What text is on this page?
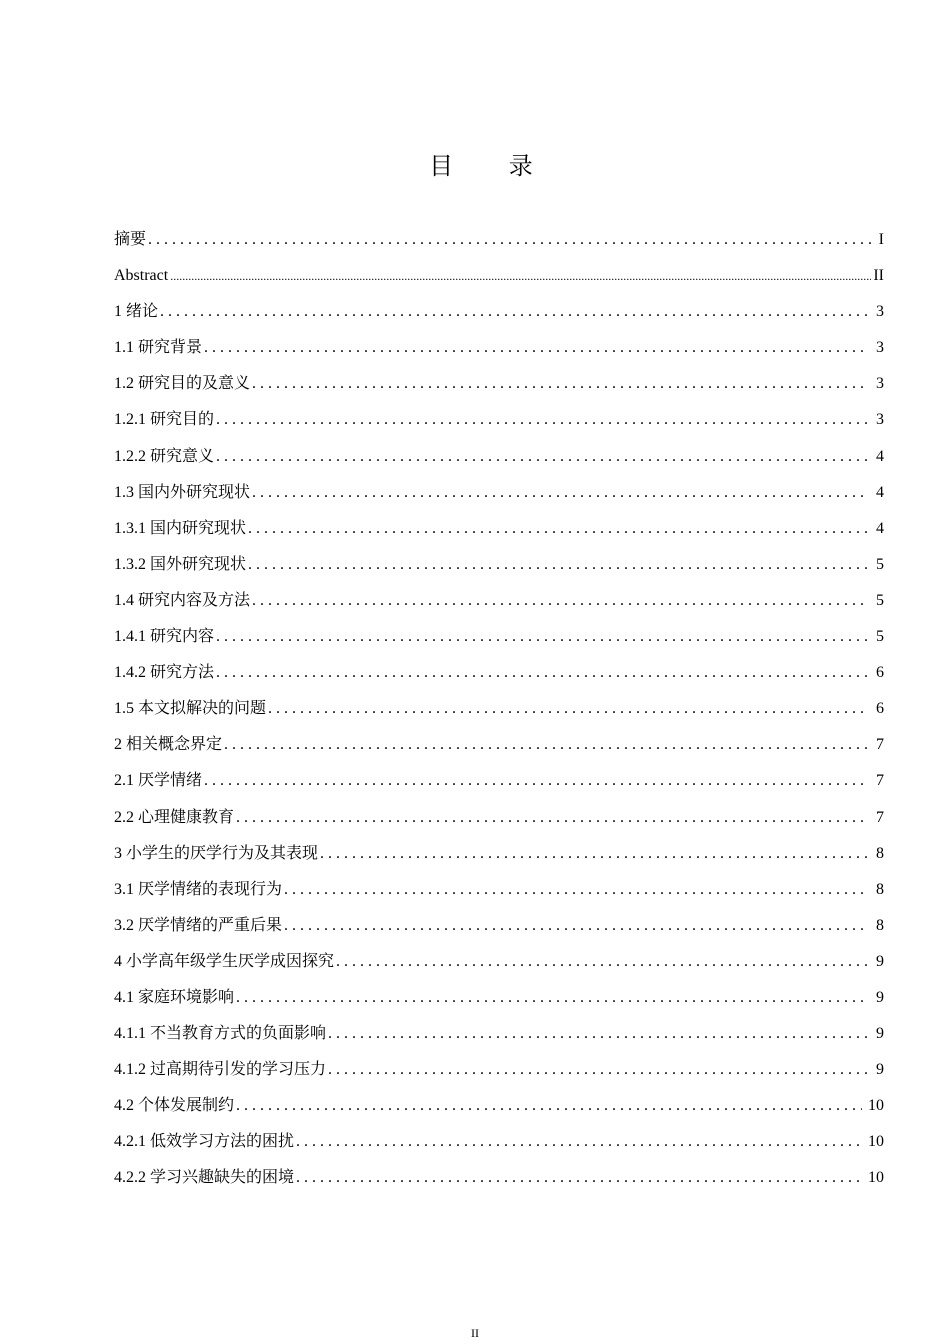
目 录
摘要 . . .	I
Abstract .....	II
1 绪论 . . .	3
1.1 研究背景 . . .	3
1.2 研究目的及意义 . . .	3
1.2.1 研究目的 . . .	3
1.2.2 研究意义 . . .	4
1.3 国内外研究现状 . . .	4
1.3.1 国内研究现状 . . .	4
1.3.2 国外研究现状 . . .	5
1.4 研究内容及方法 . . .	5
1.4.1 研究内容 . . .	5
1.4.2 研究方法 . . .	6
1.5 本文拟解决的问题 . . .	6
2 相关概念界定 . . .	7
2.1 厌学情绪 . . .	7
2.2 心理健康教育 . . .	7
3 小学生的厌学行为及其表现 . . .	8
3.1 厌学情绪的表现行为 . . .	8
3.2 厌学情绪的严重后果 . . .	8
4 小学高年级学生厌学成因探究 . . .	9
4.1 家庭环境影响 . . .	9
4.1.1 不当教育方式的负面影响 . . .	9
4.1.2 过高期待引发的学习压力 . . .	9
4.2 个体发展制约 . . .	10
4.2.1 低效学习方法的困扰 . . .	10
4.2.2 学习兴趣缺失的困境 . . .	10
II
